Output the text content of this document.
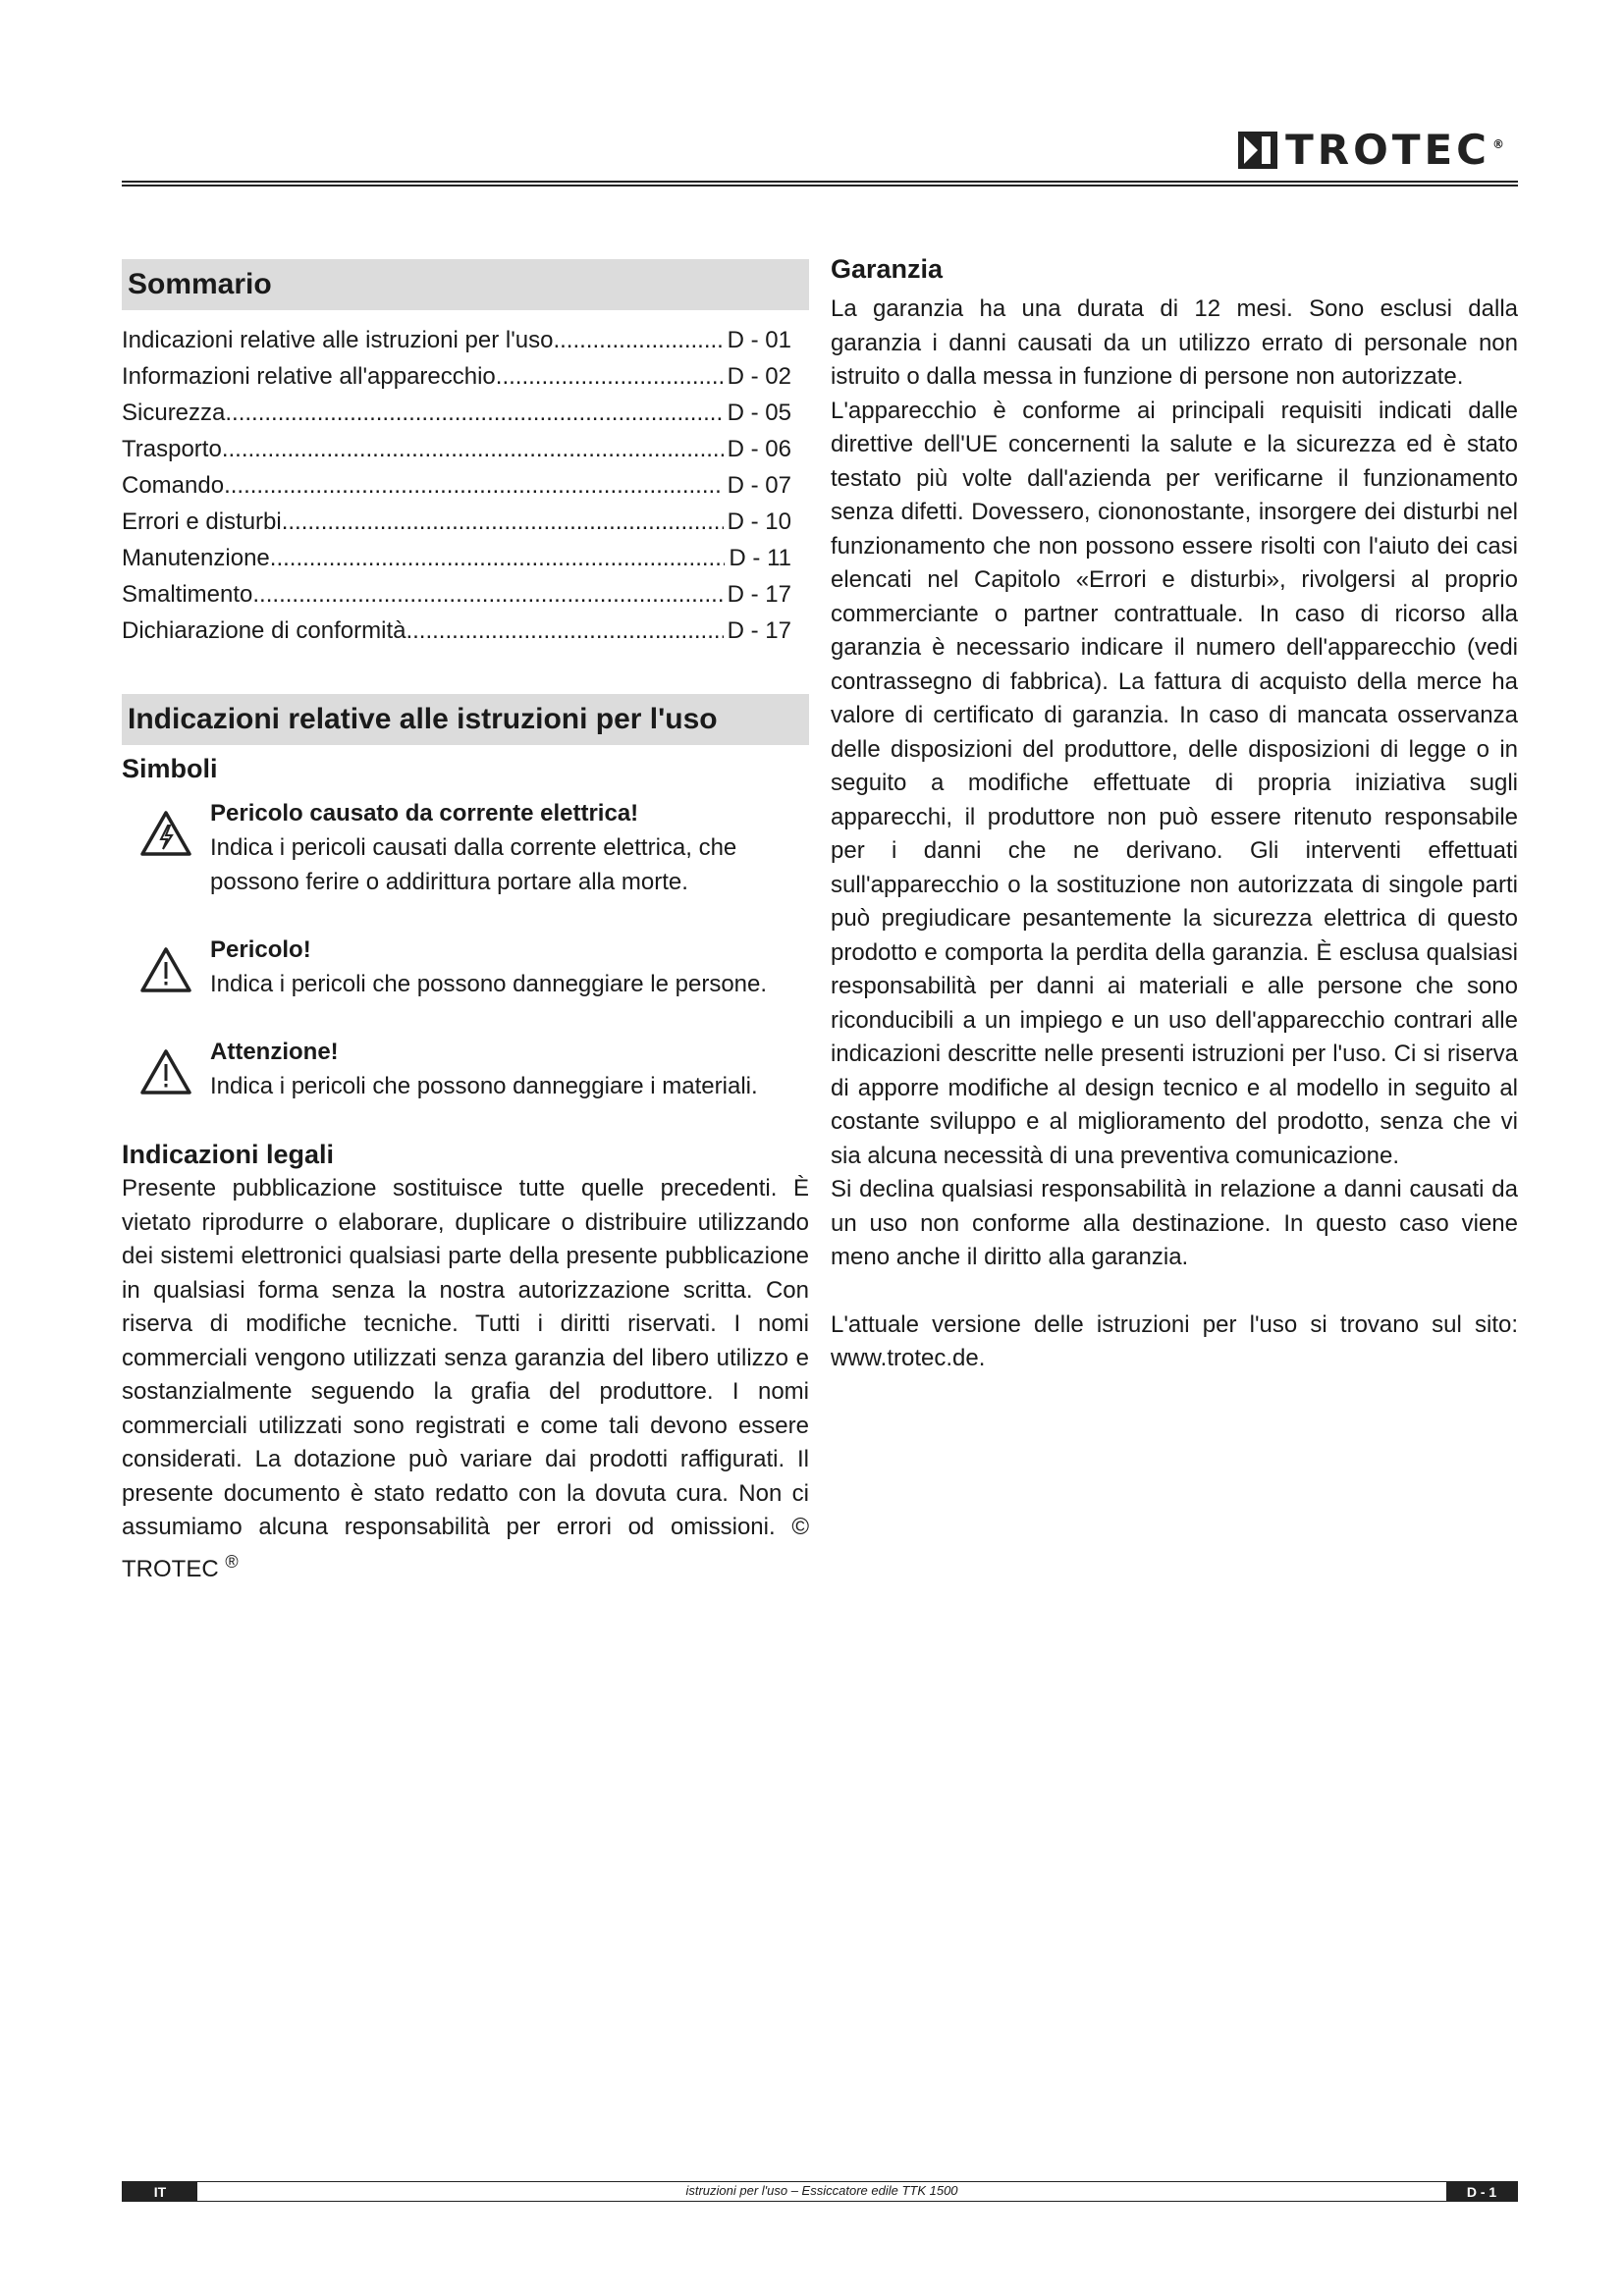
TROTEC ®
Sommario
Indicazioni relative alle istruzioni per l'uso .....	D - 01
Informazioni relative all'apparecchio .....	D - 02
Sicurezza .....	D - 05
Trasporto .....	D - 06
Comando .....	D - 07
Errori e disturbi .....	D - 10
Manutenzione .....	D - 11
Smaltimento .....	D - 17
Dichiarazione di conformità .....	D - 17
Indicazioni relative alle istruzioni per l'uso
Simboli
Pericolo causato da corrente elettrica!
Indica i pericoli causati dalla corrente elettrica, che possono ferire o addirittura portare alla morte.
Pericolo!
Indica i pericoli che possono danneggiare le persone.
Attenzione!
Indica i pericoli che possono danneggiare i materiali.
Indicazioni legali

Presente pubblicazione sostituisce tutte quelle precedenti. È vietato riprodurre o elaborare, duplicare o distribuire utilizzando dei sistemi elettronici qualsiasi parte della presente pubblicazione in qualsiasi forma senza la nostra autorizzazione scritta. Con riserva di modifiche tecniche. Tutti i diritti riservati. I nomi commerciali vengono utilizzati senza garanzia del libero utilizzo e sostanzialmente seguendo la grafia del produttore. I nomi commerciali utilizzati sono registrati e come tali devono essere considerati. La dotazione può variare dai prodotti raffigurati. Il presente documento è stato redatto con la dovuta cura. Non ci assumiamo alcuna responsabilità per errori od omissioni. © TROTEC ®

Garanzia

La garanzia ha una durata di 12 mesi. Sono esclusi dalla garanzia i danni causati da un utilizzo errato di personale non istruito o dalla messa in funzione di persone non autorizzate.

L'apparecchio è conforme ai principali requisiti indicati dalle direttive dell'UE concernenti la salute e la sicurezza ed è stato testato più volte dall'azienda per verificarne il funzionamento senza difetti. Dovessero, ciononostante, insorgere dei disturbi nel funzionamento che non possono essere risolti con l'aiuto dei casi elencati nel Capitolo «Errori e disturbi», rivolgersi al proprio commerciante o partner contrattuale. In caso di ricorso alla garanzia è necessario indicare il numero dell'apparecchio (vedi contrassegno di fabbrica). La fattura di acquisto della merce ha valore di certificato di garanzia. In caso di mancata osservanza delle disposizioni del produttore, delle disposizioni di legge o in seguito a modifiche effettuate di propria iniziativa sugli apparecchi, il produttore non può essere ritenuto responsabile per i danni che ne derivano. Gli interventi effettuati sull'apparecchio o la sostituzione non autorizzata di singole parti può pregiudicare pesantemente la sicurezza elettrica di questo prodotto e comporta la perdita della garanzia. È esclusa qualsiasi responsabilità per danni ai materiali e alle persone che sono riconducibili a un impiego e un uso dell'apparecchio contrari alle indicazioni descritte nelle presenti istruzioni per l'uso. Ci si riserva di apporre modifiche al design tecnico e al modello in seguito al costante sviluppo e al miglioramento del prodotto, senza che vi sia alcuna necessità di una preventiva comunicazione.

Si declina qualsiasi responsabilità in relazione a danni causati da un uso non conforme alla destinazione. In questo caso viene meno anche il diritto alla garanzia.

L'attuale versione delle istruzioni per l'uso si trovano sul sito: www.trotec.de.

IT	istruzioni per l'uso – Essiccatore edile TTK 1500	D - 1
